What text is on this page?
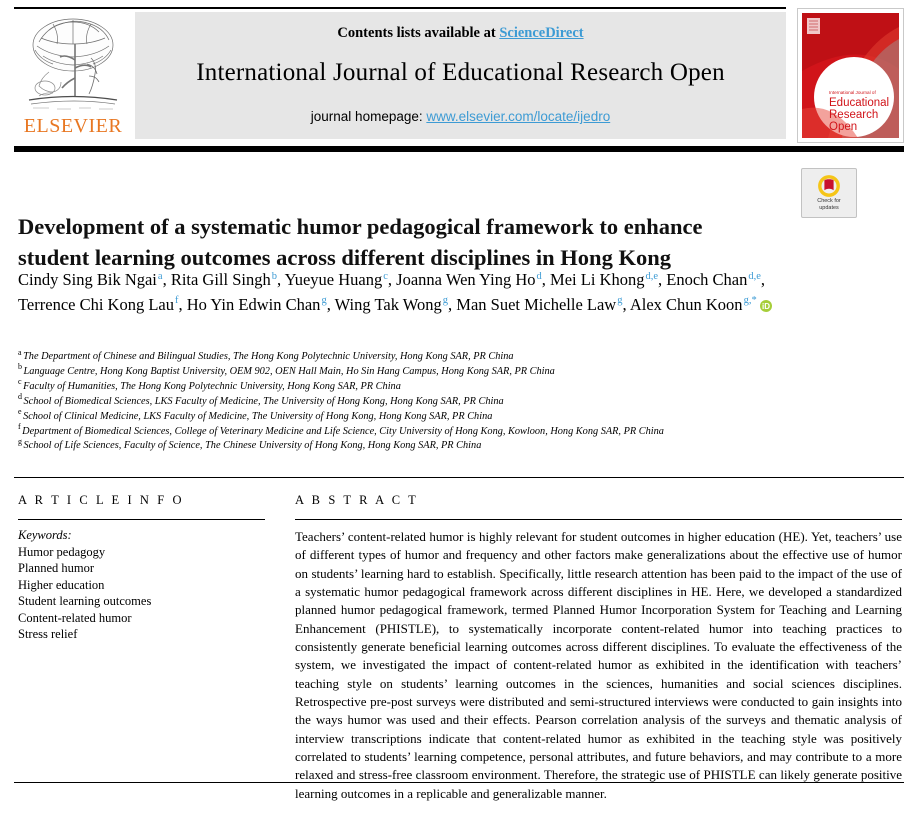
ELSEVIER
Contents lists available at ScienceDirect
International Journal of Educational Research Open
journal homepage: www.elsevier.com/locate/ijedro
International Journal of
Educational
Research
Open
Check for
updates
Development of a systematic humor pedagogical framework to enhance student learning outcomes across different disciplines in Hong Kong
Cindy Sing Bik Ngai$^a$, Rita Gill Singh$^b$, Yueyue Huang$^c$, Joanna Wen Ying Ho$^d$, Mei Li Khong$^{d,e}$, Enoch Chan$^{d,e}$, Terrence Chi Kong Lau$^f$, Ho Yin Edwin Chan$^g$, Wing Tak Wong$^g$, Man Suet Michelle Law$^g$, Alex Chun Koon$^{g,*}$ iD
$^a$ The Department of Chinese and Bilingual Studies, The Hong Kong Polytechnic University, Hong Kong SAR, PR China
$^b$ Language Centre, Hong Kong Baptist University, OEM 902, OEN Hall Main, Ho Sin Hang Campus, Hong Kong SAR, PR China
$^c$ Faculty of Humanities, The Hong Kong Polytechnic University, Hong Kong SAR, PR China
$^d$ School of Biomedical Sciences, LKS Faculty of Medicine, The University of Hong Kong, Hong Kong SAR, PR China
$^e$ School of Clinical Medicine, LKS Faculty of Medicine, The University of Hong Kong, Hong Kong SAR, PR China
$^f$ Department of Biomedical Sciences, College of Veterinary Medicine and Life Science, City University of Hong Kong, Kowloon, Hong Kong SAR, PR China
$^g$ School of Life Sciences, Faculty of Science, The Chinese University of Hong Kong, Hong Kong SAR, PR China
A R T I C L E I N F O
Keywords:
Humor pedagogy
Planned humor
Higher education
Student learning outcomes
Content-related humor
Stress relief
A B S T R A C T

Teachers’ content-related humor is highly relevant for student outcomes in higher education (HE). Yet, teachers’ use of different types of humor and frequency and other factors make generalizations about the effective use of humor on students’ learning hard to establish. Specifically, little research attention has been paid to the impact of the use of a systematic humor pedagogical framework across different disciplines in HE. Here, we developed a standardized planned humor pedagogical framework, termed Planned Humor Incorporation System for Teaching and Learning Enhancement (PHISTLE), to systematically incorporate content-related humor into teaching practices to consistently generate beneficial learning outcomes across different disciplines. To evaluate the effectiveness of the system, we investigated the impact of content-related humor as exhibited in the identification with teachers’ teaching style on students’ learning outcomes in the sciences, humanities and social sciences disciplines. Retrospective pre-post surveys were distributed and semi-structured interviews were conducted to gain insights into the ways humor was used and their effects. Pearson correlation analysis of the surveys and thematic analysis of interview transcriptions indicate that content-related humor as exhibited in the teaching style was positively correlated to students’ learning competence, personal attributes, and future behaviors, and may contribute to a more relaxed and stress-free classroom environment. Therefore, the strategic use of PHISTLE can likely generate positive learning outcomes in a replicable and generalizable manner.
